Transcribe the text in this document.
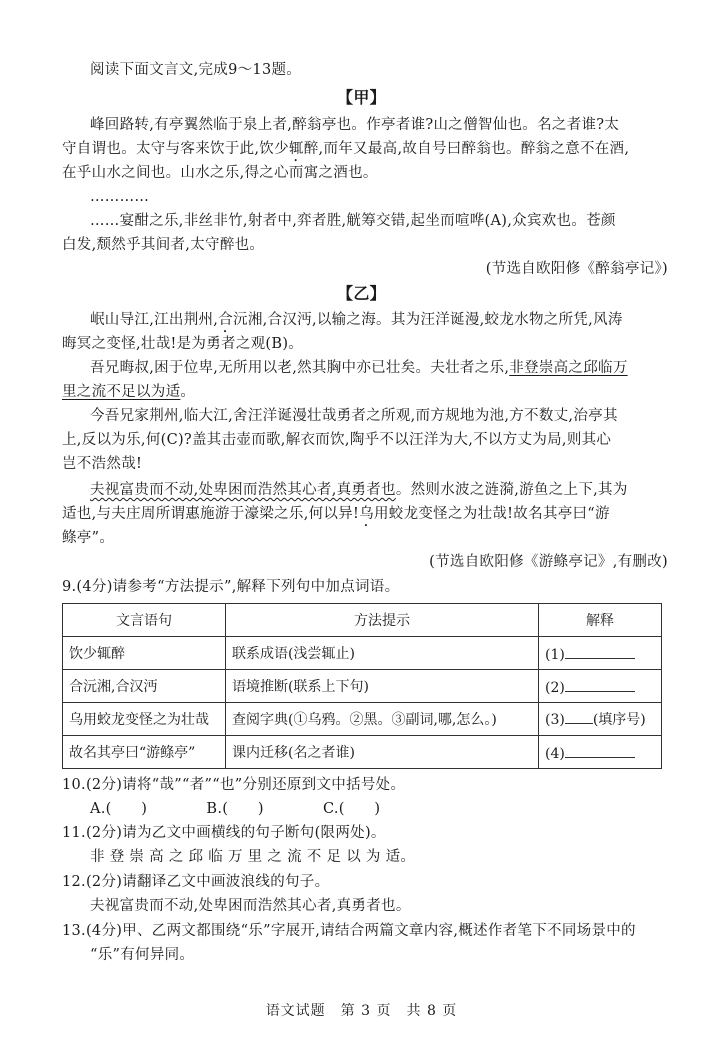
阅读下面文言文,完成9～13题。
【甲】
峰回路转,有亭翼然临于泉上者,醉翁亭也。作亭者谁?山之僧智仙也。名之者谁?太
守自谓也。太守与客来饮于此,饮少辄醉,而年又最高,故自号曰醉翁也。醉翁之意不在酒,
在乎山水之间也。山水之乐,得之心而寓之酒也。
…………
……宴酣之乐,非丝非竹,射者中,弈者胜,觥筹交错,起坐而喧哗(A),众宾欢也。苍颜
白发,颓然乎其间者,太守醉也。
(节选自欧阳修《醉翁亭记》)
【乙】
岷山导江,江出荆州,合沅湘,合汉沔,以输之海。其为汪洋诞漫,蛟龙水物之所凭,风涛
晦冥之变怪,壮哉!是为勇者之观(B)。
吾兄晦叔,困于位卑,无所用以老,然其胸中亦已壮矣。夫壮者之乐,非登崇高之邱临万
里之流不足以为适。
今吾兄家荆州,临大江,舍汪洋诞漫壮哉勇者之所观,而方规地为池,方不数丈,治亭其
上,反以为乐,何(C)?盖其击壶而歌,解衣而饮,陶乎不以汪洋为大,不以方丈为局,则其心
岂不浩然哉!
夫视富贵而不动,处卑困而浩然其心者,真勇者也。然则水波之涟漪,游鱼之上下,其为
适也,与夫庄周所谓惠施游于濠梁之乐,何以异!乌用蛟龙变怪之为壮哉!故名其亭曰“游
鲦亭”。
(节选自欧阳修《游鲦亭记》,有删改)
9.(4分)请参考“方法提示”,解释下列句中加点词语。
文言语句	方法提示	解释
饮少辄醉	联系成语(浅尝辄止)	(1)
合沅湘,合汉沔	语境推断(联系上下句)	(2)
乌用蛟龙变怪之为壮哉	查阅字典(①乌鸦。②黑。③副词,哪,怎么。)	(3) (填序号)
故名其亭曰“游鲦亭”	课内迁移(名之者谁)	(4)
10.(2分)请将“哉”“者”“也”分别还原到文中括号处。
A.(　　)　　　　B.(　　)　　　　C.(　　)
11.(2分)请为乙文中画横线的句子断句(限两处)。
非 登 崇 高 之 邱 临 万 里 之 流 不 足 以 为 适。
12.(2分)请翻译乙文中画波浪线的句子。
夫视富贵而不动,处卑困而浩然其心者,真勇者也。
13.(4分)甲、乙两文都围绕“乐”字展开,请结合两篇文章内容,概述作者笔下不同场景中的
“乐”有何异同。
语文试题　第 3 页　共 8 页
